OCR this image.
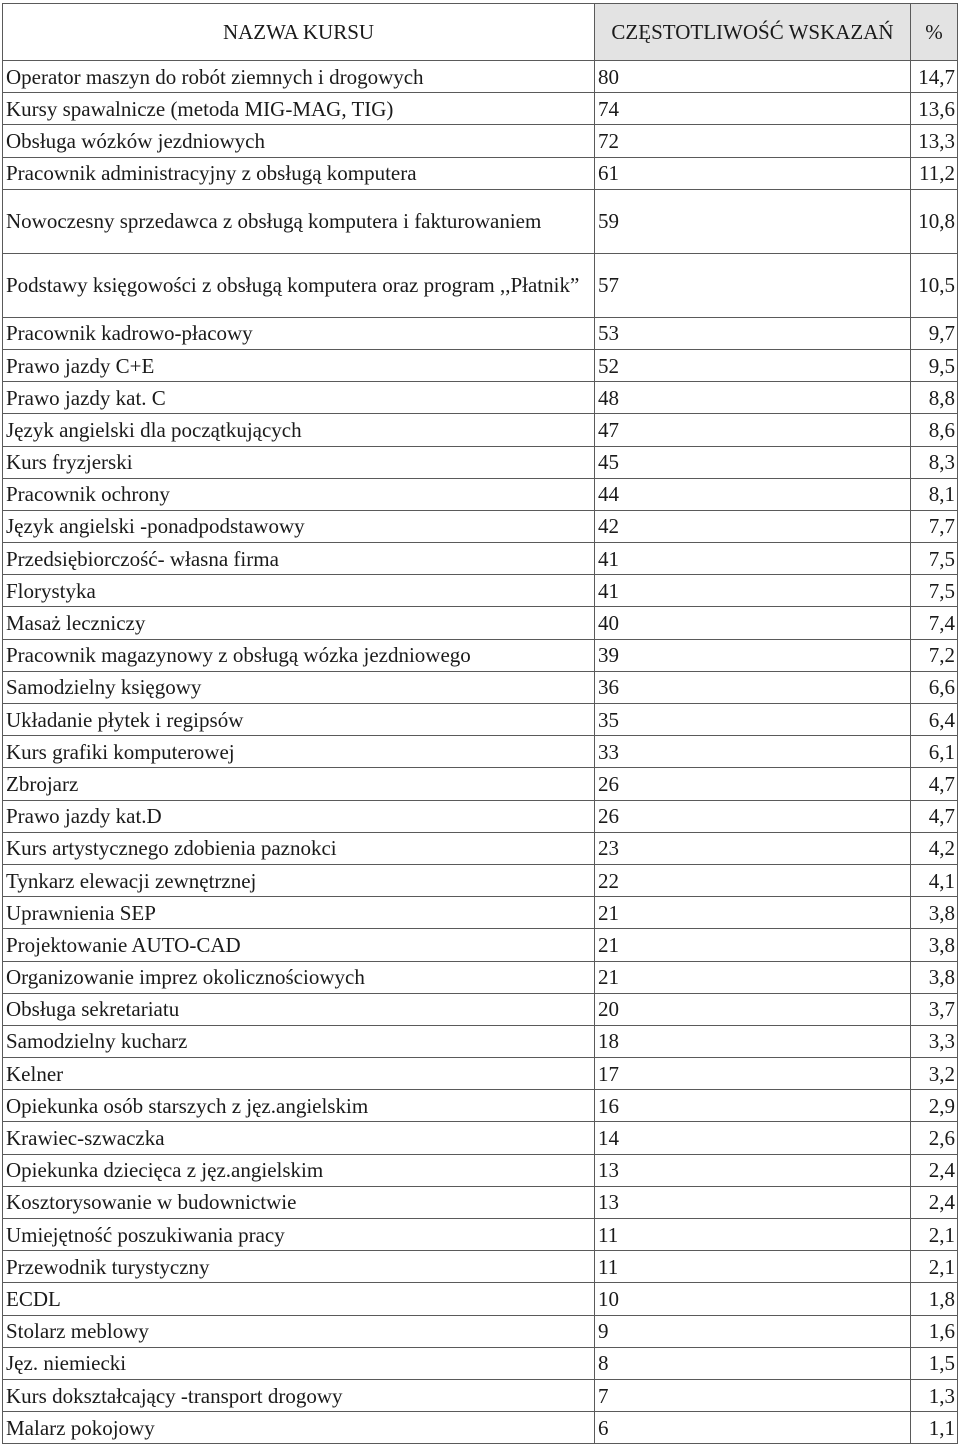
NAZWA KURSU	CZĘSTOTLIWOŚĆ WSKAZAŃ	%
Operator maszyn do robót ziemnych i drogowych	80	14,7
Kursy spawalnicze (metoda MIG-MAG, TIG)	74	13,6
Obsługa wózków jezdniowych	72	13,3
Pracownik administracyjny z obsługą komputera	61	11,2
Nowoczesny sprzedawca z obsługą komputera i fakturowaniem	59	10,8
Podstawy księgowości z obsługą komputera oraz program ,,Płatnik”	57	10,5
Pracownik kadrowo-płacowy	53	9,7
Prawo jazdy C+E	52	9,5
Prawo jazdy kat. C	48	8,8
Język angielski dla początkujących	47	8,6
Kurs fryzjerski	45	8,3
Pracownik ochrony	44	8,1
Język angielski -ponadpodstawowy	42	7,7
Przedsiębiorczość- własna firma	41	7,5
Florystyka	41	7,5
Masaż leczniczy	40	7,4
Pracownik magazynowy z obsługą wózka jezdniowego	39	7,2
Samodzielny księgowy	36	6,6
Układanie płytek i regipsów	35	6,4
Kurs grafiki komputerowej	33	6,1
Zbrojarz	26	4,7
Prawo jazdy kat.D	26	4,7
Kurs artystycznego zdobienia paznokci	23	4,2
Tynkarz elewacji zewnętrznej	22	4,1
Uprawnienia SEP	21	3,8
Projektowanie AUTO-CAD	21	3,8
Organizowanie imprez okolicznościowych	21	3,8
Obsługa sekretariatu	20	3,7
Samodzielny kucharz	18	3,3
Kelner	17	3,2
Opiekunka osób starszych z jęz.angielskim	16	2,9
Krawiec-szwaczka	14	2,6
Opiekunka dziecięca z jęz.angielskim	13	2,4
Kosztorysowanie w budownictwie	13	2,4
Umiejętność poszukiwania pracy	11	2,1
Przewodnik turystyczny	11	2,1
ECDL	10	1,8
Stolarz meblowy	9	1,6
Jęz. niemiecki	8	1,5
Kurs dokształcający -transport drogowy	7	1,3
Malarz pokojowy	6	1,1
